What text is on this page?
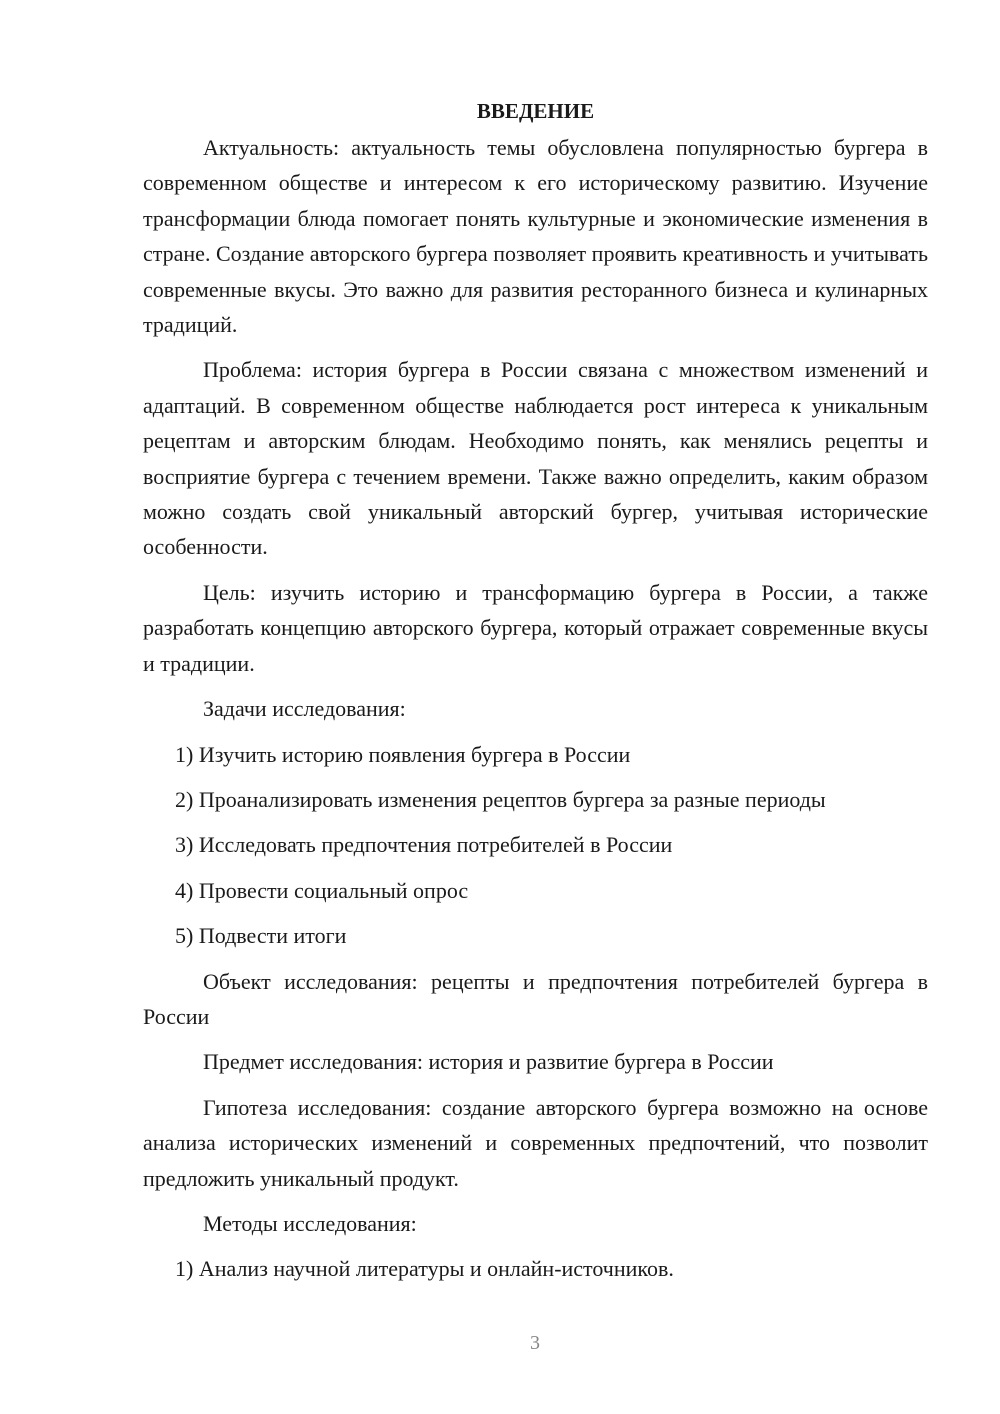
ВВЕДЕНИЕ

Актуальность: актуальность темы обусловлена популярностью бургера в современном обществе и интересом к его историческому развитию. Изучение трансформации блюда помогает понять культурные и экономические изменения в стране. Создание авторского бургера позволяет проявить креативность и учитывать современные вкусы. Это важно для развития ресторанного бизнеса и кулинарных традиций.

Проблема: история бургера в России связана с множеством изменений и адаптаций. В современном обществе наблюдается рост интереса к уникальным рецептам и авторским блюдам. Необходимо понять, как менялись рецепты и восприятие бургера с течением времени. Также важно определить, каким образом можно создать свой уникальный авторский бургер, учитывая исторические особенности.

Цель: изучить историю и трансформацию бургера в России, а также разработать концепцию авторского бургера, который отражает современные вкусы и традиции.

Задачи исследования:

1) Изучить историю появления бургера в России
2) Проанализировать изменения рецептов бургера за разные периоды
3) Исследовать предпочтения потребителей в России
4) Провести социальный опрос
5) Подвести итоги

Объект исследования: рецепты и предпочтения потребителей бургера в России

Предмет исследования: история и развитие бургера в России

Гипотеза исследования: создание авторского бургера возможно на основе анализа исторических изменений и современных предпочтений, что позволит предложить уникальный продукт.

Методы исследования:

1) Анализ научной литературы и онлайн-источников.
3
